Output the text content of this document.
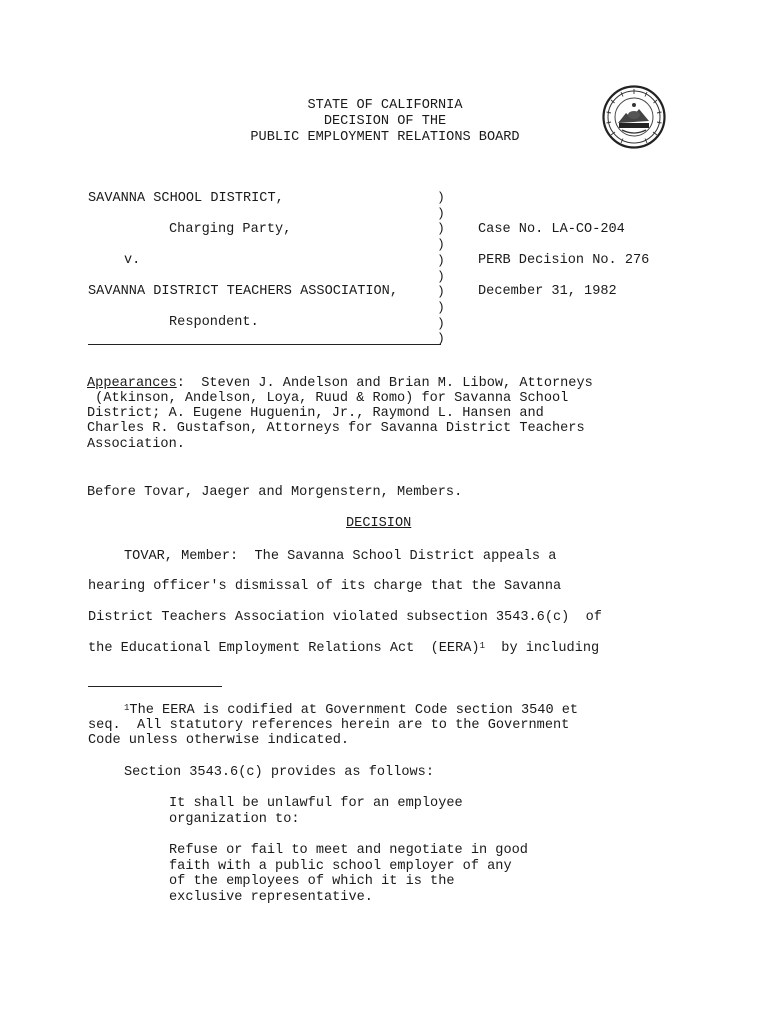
STATE OF CALIFORNIA
DECISION OF THE
PUBLIC EMPLOYMENT RELATIONS BOARD
SAVANNA SCHOOL DISTRICT,
Charging Party,
v.
SAVANNA DISTRICT TEACHERS ASSOCIATION,
Respondent.
)
)
)
)
)
)
)
)
)
)
Case No. LA-CO-204
PERB Decision No. 276
December 31, 1982
Appearances:  Steven J. Andelson and Brian M. Libow, Attorneys
(Atkinson, Andelson, Loya, Ruud & Romo) for Savanna School
District; A. Eugene Huguenin, Jr., Raymond L. Hansen and
Charles R. Gustafson, Attorneys for Savanna District Teachers
Association.
Before Tovar, Jaeger and Morgenstern, Members.
DECISION
TOVAR, Member:  The Savanna School District appeals a
hearing officer's dismissal of its charge that the Savanna
District Teachers Association violated subsection 3543.6(c)  of
the Educational Employment Relations Act  (EERA)$^1$  by including
$^1$The EERA is codified at Government Code section 3540 et
seq.  All statutory references herein are to the Government
Code unless otherwise indicated.
Section 3543.6(c) provides as follows:
It shall be unlawful for an employee
organization to:
Refuse or fail to meet and negotiate in good
faith with a public school employer of any
of the employees of which it is the
exclusive representative.
